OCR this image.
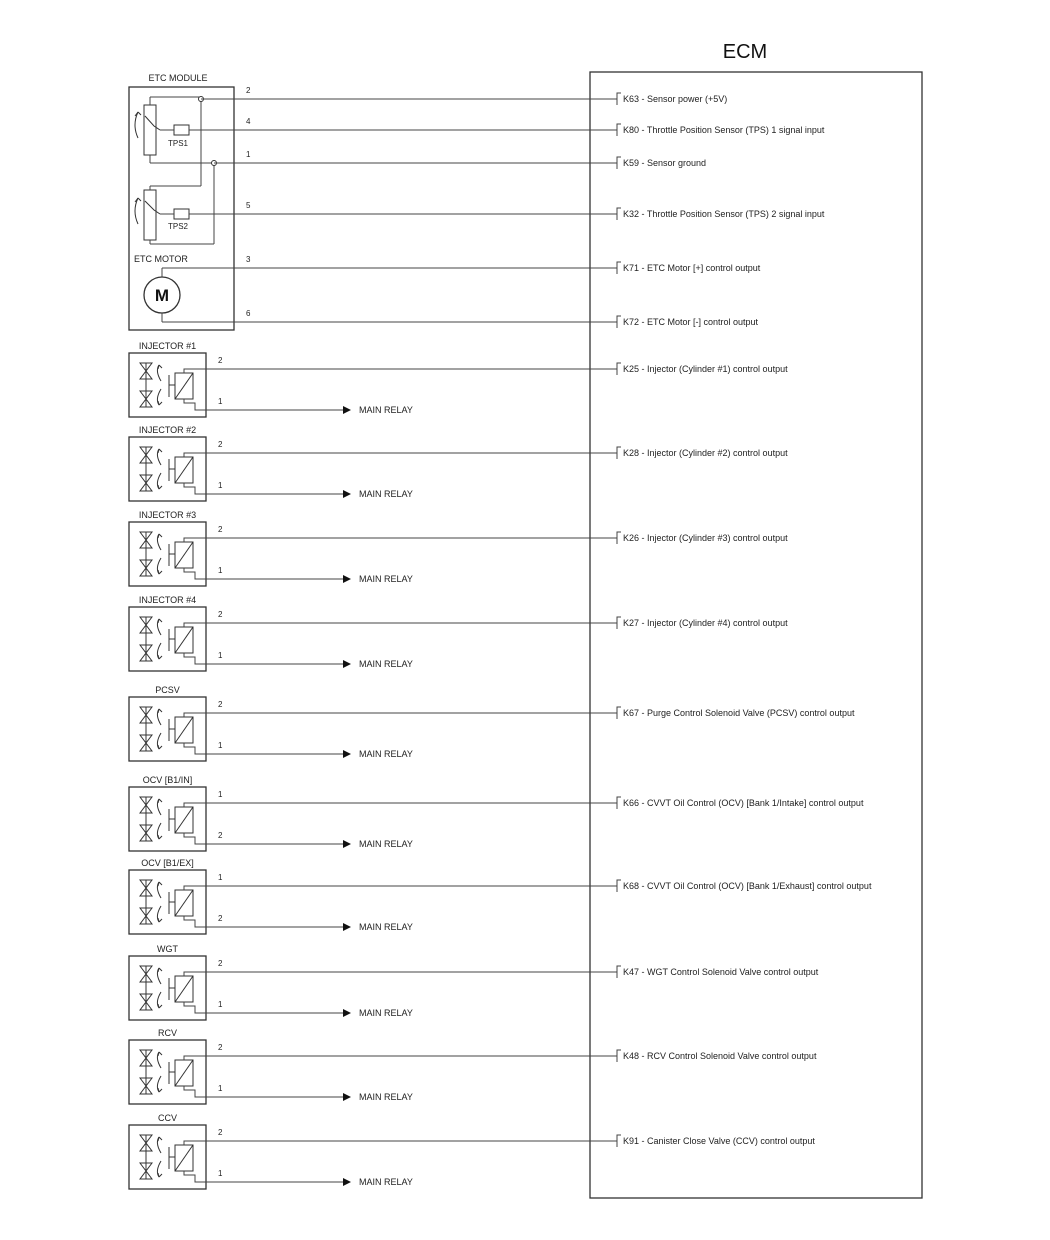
ECM
ETC MODULE
TPS1
TPS2
ETC MOTOR
M
2
K63 - Sensor power (+5V)
4
K80 - Throttle Position Sensor (TPS) 1 signal input
1
K59 - Sensor ground
5
K32 - Throttle Position Sensor (TPS) 2 signal input
3
K71 - ETC Motor [+] control output
6
K72 - ETC Motor [-] control output
INJECTOR #1
2
K25 - Injector (Cylinder #1) control output
1
MAIN RELAY
INJECTOR #2
2
K28 - Injector (Cylinder #2) control output
1
MAIN RELAY
INJECTOR #3
2
K26 - Injector (Cylinder #3) control output
1
MAIN RELAY
INJECTOR #4
2
K27 - Injector (Cylinder #4) control output
1
MAIN RELAY
PCSV
2
K67 - Purge Control Solenoid Valve (PCSV) control output
1
MAIN RELAY
OCV [B1/IN]
1
K66 - CVVT Oil Control (OCV) [Bank 1/Intake] control output
2
MAIN RELAY
OCV [B1/EX]
1
K68 - CVVT Oil Control (OCV) [Bank 1/Exhaust] control output
2
MAIN RELAY
WGT
2
K47 - WGT Control Solenoid Valve control output
1
MAIN RELAY
RCV
2
K48 - RCV Control Solenoid Valve control output
1
MAIN RELAY
CCV
2
K91 - Canister Close Valve (CCV) control output
1
MAIN RELAY
